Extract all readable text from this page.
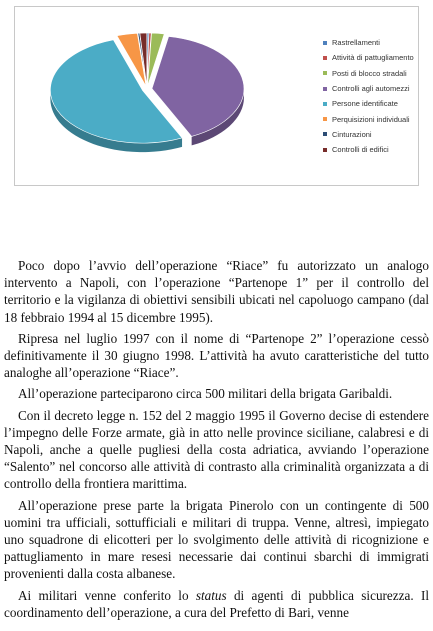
Rastrellamenti
Attività di pattugliamento
Posti di blocco stradali
Controlli agli automezzi
Persone identificate
Perquisizioni individuali
Cinturazioni
Controlli di edifici

Poco dopo l’avvio dell’operazione “Riace” fu autorizzato un analogo intervento a Napoli, con l’operazione “Partenope 1” per il controllo del territorio e la vigilanza di obiettivi sensibili ubicati nel capoluogo campano (dal 18 febbraio 1994 al 15 dicembre 1995).

Ripresa nel luglio 1997 con il nome di “Partenope 2” l’operazione cessò definitivamente il 30 giugno 1998. L’attività ha avuto caratteristiche del tutto analoghe all’operazione “Riace”.

All’operazione parteciparono circa 500 militari della brigata Garibaldi.

Con il decreto legge n. 152 del 2 maggio 1995 il Governo decise di estendere l’impegno delle Forze armate, già in atto nelle province siciliane, calabresi e di Napoli, anche a quelle pugliesi della costa adriatica, avviando l’operazione “Salento” nel concorso alle attività di contrasto alla criminalità organizzata a di controllo della frontiera marittima.

All’operazione prese parte la brigata Pinerolo con un contingente di 500 uomini tra ufficiali, sottufficiali e militari di truppa. Venne, altresì, impiegato uno squadrone di elicotteri per lo svolgimento delle attività di ricognizione e pattugliamento in mare resesi necessarie dai continui sbarchi di immigrati provenienti dalla costa albanese.

Ai militari venne conferito lo status di agenti di pubblica sicurezza. Il coordinamento dell’operazione, a cura del Prefetto di Bari, venne
